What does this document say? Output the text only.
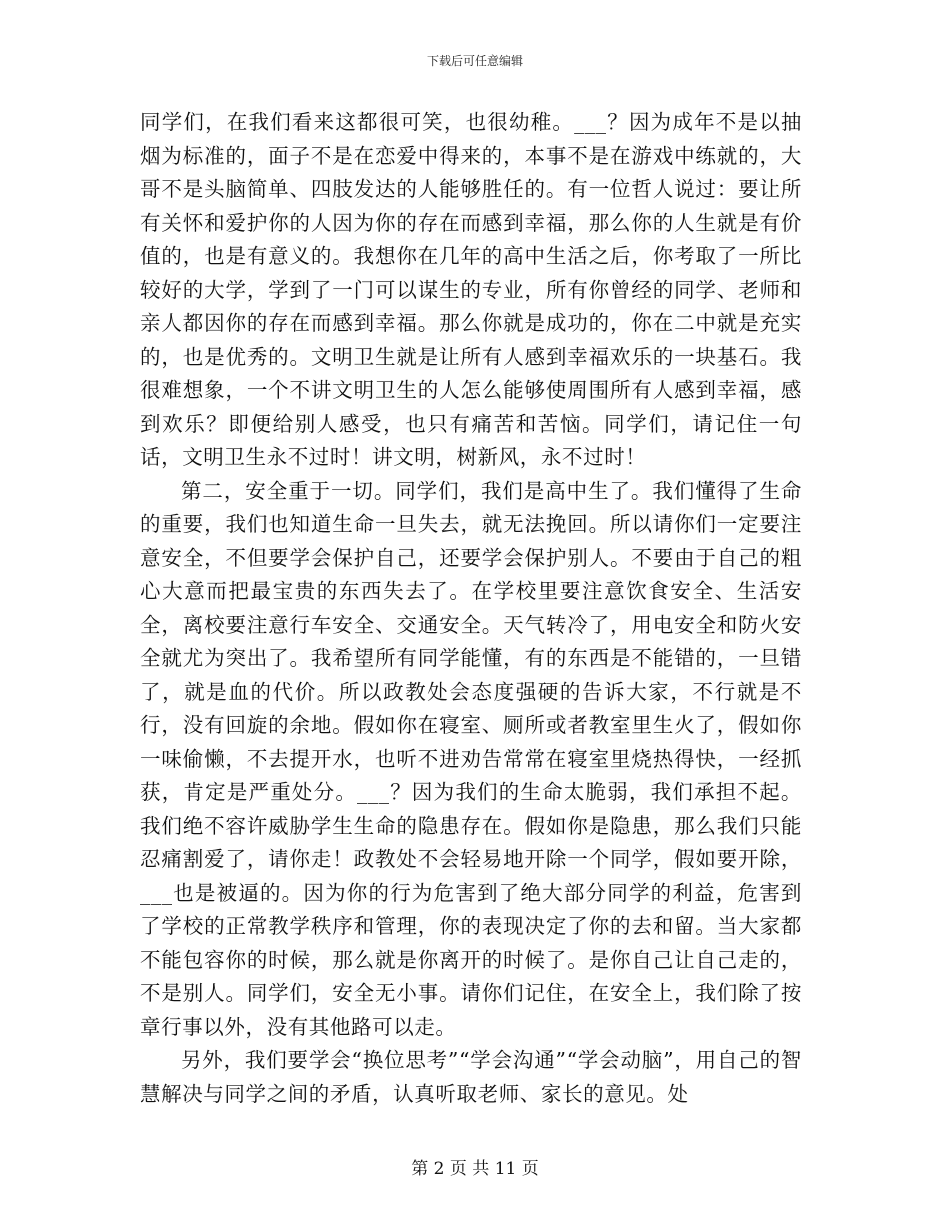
下载后可任意编辑

同学们，在我们看来这都很可笑，也很幼稚。___？因为成年不是以抽烟为标准的，面子不是在恋爱中得来的，本事不是在游戏中练就的，大哥不是头脑简单、四肢发达的人能够胜任的。有一位哲人说过：要让所有关怀和爱护你的人因为你的存在而感到幸福，那么你的人生就是有价值的，也是有意义的。我想你在几年的高中生活之后，你考取了一所比较好的大学，学到了一门可以谋生的专业，所有你曾经的同学、老师和亲人都因你的存在而感到幸福。那么你就是成功的，你在二中就是充实的，也是优秀的。文明卫生就是让所有人感到幸福欢乐的一块基石。我很难想象，一个不讲文明卫生的人怎么能够使周围所有人感到幸福，感到欢乐？即便给别人感受，也只有痛苦和苦恼。同学们，请记住一句话，文明卫生永不过时！讲文明，树新风，永不过时！

第二，安全重于一切。同学们，我们是高中生了。我们懂得了生命的重要，我们也知道生命一旦失去，就无法挽回。所以请你们一定要注意安全，不但要学会保护自己，还要学会保护别人。不要由于自己的粗心大意而把最宝贵的东西失去了。在学校里要注意饮食安全、生活安全，离校要注意行车安全、交通安全。天气转冷了，用电安全和防火安全就尤为突出了。我希望所有同学能懂，有的东西是不能错的，一旦错了，就是血的代价。所以政教处会态度强硬的告诉大家，不行就是不行，没有回旋的余地。假如你在寝室、厕所或者教室里生火了，假如你一味偷懒，不去提开水，也听不进劝告常常在寝室里烧热得快，一经抓获，肯定是严重处分。___？因为我们的生命太脆弱，我们承担不起。我们绝不容许威胁学生生命的隐患存在。假如你是隐患，那么我们只能忍痛割爱了，请你走！政教处不会轻易地开除一个同学，假如要开除，___也是被逼的。因为你的行为危害到了绝大部分同学的利益，危害到了学校的正常教学秩序和管理，你的表现决定了你的去和留。当大家都不能包容你的时候，那么就是你离开的时候了。是你自己让自己走的，不是别人。同学们，安全无小事。请你们记住，在安全上，我们除了按章行事以外，没有其他路可以走。

另外，我们要学会“换位思考”“学会沟通”“学会动脑”，用自己的智慧解决与同学之间的矛盾，认真听取老师、家长的意见。处

第 2 页 共 11 页
